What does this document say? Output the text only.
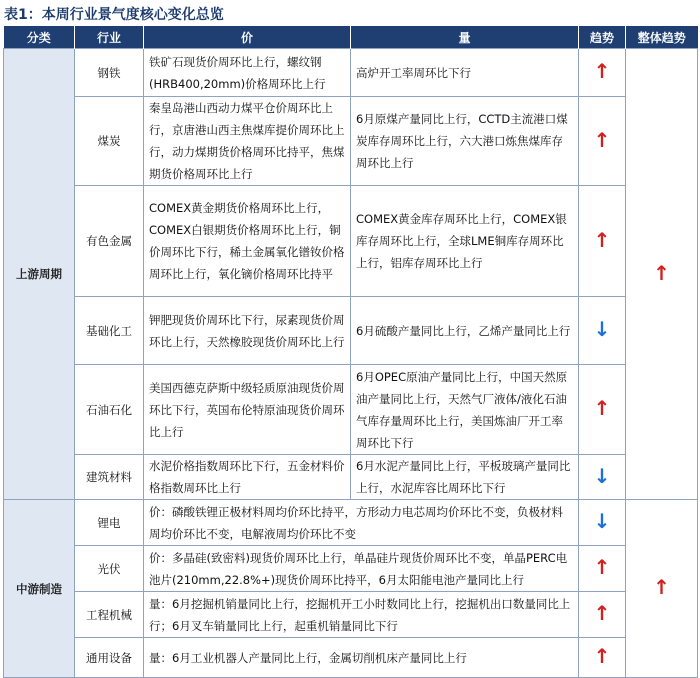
表1：本周行业景气度核心变化总览
分类	行业	价	量	趋势	整体趋势
上游周期	钢铁	铁矿石现货价周环比上行，螺纹钢(HRB400,20mm)价格周环比上行	高炉开工率周环比下行	↑	↑
	煤炭	秦皇岛港山西动力煤平仓价周环比上行，京唐港山西主焦煤库提价周环比上行，动力煤期货价格周环比持平，焦煤期货价格周环比上行	6月原煤产量同比上行，CCTD主流港口煤炭库存周环比上行，六大港口炼焦煤库存周环比上行	↑	
	有色金属	COMEX黄金期货价格周环比上行，COMEX白银期货价格周环比上行，铜价周环比下行，稀土金属氧化镨钕价格周环比上行，氧化镝价格周环比持平	COMEX黄金库存周环比上行，COMEX银库存周环比上行，全球LME铜库存周环比上行，铝库存周环比上行	↑	
	基础化工	钾肥现货价周环比下行，尿素现货价周环比上行，天然橡胶现货价周环比上行	6月硫酸产量同比上行，乙烯产量同比上行	↓	
	石油石化	美国西德克萨斯中级轻质原油现货价周环比下行，英国布伦特原油现货价周环比上行	6月OPEC原油产量同比上行，中国天然原油产量同比上行，天然气厂液体/液化石油气库存量周环比上行，美国炼油厂开工率周环比下行	↑	
	建筑材料	水泥价格指数周环比下行，五金材料价格指数周环比上行	6月水泥产量同比上行，平板玻璃产量同比上行，水泥库容比周环比下行	↓	
中游制造	锂电	价：磷酸铁锂正极材料周均价环比持平，方形动力电芯周均价环比不变，负极材料周均价环比不变，电解液周均价环比不变		↓	↑
	光伏	价：多晶硅(致密料)现货价周环比上行，单晶硅片现货价周环比不变，单晶PERC电池片(210mm,22.8%+)现货价周环比持平，6月太阳能电池产量同比上行		↑	
	工程机械	量：6月挖掘机销量同比上行，挖掘机开工小时数同比上行，挖掘机出口数量同比上行；6月叉车销量同比上行，起重机销量同比下行		↑	
	通用设备	量：6月工业机器人产量同比上行，金属切削机床产量同比上行		↑	
